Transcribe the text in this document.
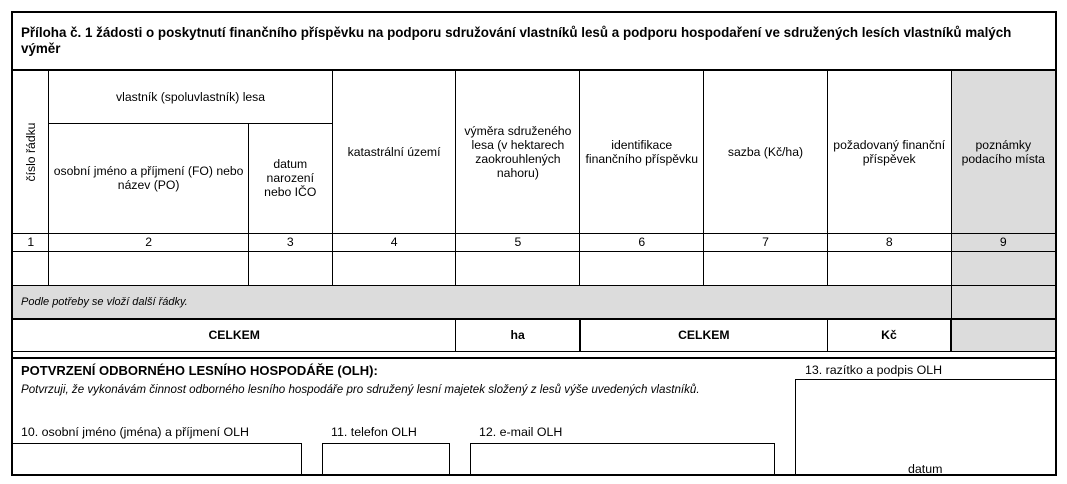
Příloha č. 1 žádosti o poskytnutí finančního příspěvku na podporu sdružování vlastníků lesů a podporu hospodaření ve sdružených lesích vlastníků malých výměr
číslo řádku	vlastník (spoluvlastník) lesa		katastrální území	výměra sdruženého lesa (v hektarech zaokrouhlených nahoru)	identifikace finančního příspěvku	sazba (Kč/ha)	požadovaný finanční příspěvek	poznámky podacího místa
	osobní jméno a příjmení (FO) nebo název (PO)	datum narození nebo IČO						
1	2	3	4	5	6	7	8	9

Podle potřeby se vloží další řádky.								
CELKEM				ha	CELKEM		Kč	
POTVRZENÍ ODBORNÉHO LESNÍHO HOSPODÁŘE (OLH):
Potvrzuji, že vykonávám činnost odborného lesního hospodáře pro sdružený lesní majetek složený z lesů výše uvedených vlastníků.
10. osobní jméno (jména) a příjmení OLH	11. telefon OLH	12. e-mail OLH
13. razítko a podpis OLH
datum
